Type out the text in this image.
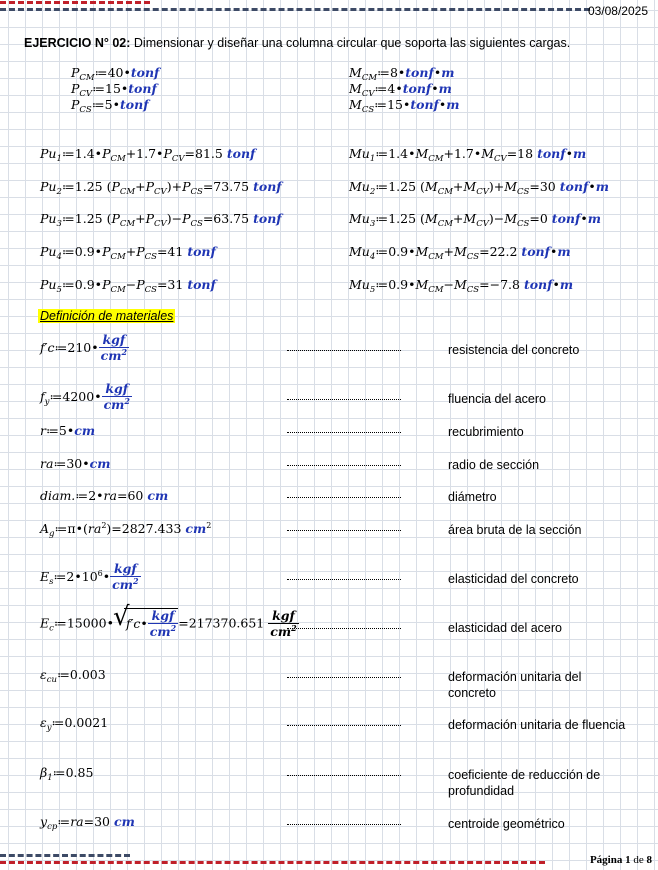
03/08/2025
EJERCICIO N° 02: Dimensionar y diseñar una columna circular que soporta las siguientes cargas.
$P_{CM}≔40•tonf$
$P_{CV}≔15•tonf$
$P_{CS}≔5•tonf$
$M_{CM}≔8•tonf•m$
$M_{CV}≔4•tonf•m$
$M_{CS}≔15•tonf•m$
$Pu_1≔1.4•P_{CM}+1.7•P_{CV}=81.5$ tonf
$Pu_2≔1.25$ $(P_{CM}+P_{CV})+P_{CS}=73.75$ tonf
$Pu_3≔1.25$ $(P_{CM}+P_{CV})-P_{CS}=63.75$ tonf
$Pu_4≔0.9•P_{CM}+P_{CS}=41$ tonf
$Pu_5≔0.9•P_{CM}-P_{CS}=31$ tonf
$Mu_1≔1.4•M_{CM}+1.7•M_{CV}=18$ tonf•m
$Mu_2≔1.25$ $(M_{CM}+M_{CV})+M_{CS}=30$ tonf•m
$Mu_3≔1.25$ $(M_{CM}+M_{CV})-M_{CS}=0$ tonf•m
$Mu_4≔0.9•M_{CM}+M_{CS}=22.2$ tonf•m
$Mu_5≔0.9•M_{CM}-M_{CS}=-7.8$ tonf•m
Definición de materiales
f′c≔210• $\frac{\text{kgf}}{cm^2}$	resistencia del concreto
$f_y≔4200• \frac{\text{kgf}}{cm^2}$	fluencia del acero
r≔5•cm	recubrimiento
ra≔30•cm	radio de sección
diam.≔2•ra=60 cm	diámetro
$A_g≔\pi•(ra^2)=2827.433$ $cm^2$	área bruta de la sección
$E_s≔2•10^6• \frac{\text{kgf}}{cm^2}$	elasticidad del concreto
$E_c≔15000•√$ f′c• $\frac{\text{kgf}}{cm^2} =217370.651 \frac{\text{kgf}}{cm^2}$	elasticidad del acero
$\varepsilon_{cu}≔0.003$	deformación unitaria del concreto
$\varepsilon_y≔0.0021$	deformación unitaria de fluencia
$\beta_1≔0.85$	coeficiente de reducción de profundidad
$y_{cp}≔ra=30$ cm	centroide geométrico
Página 1 de 8
